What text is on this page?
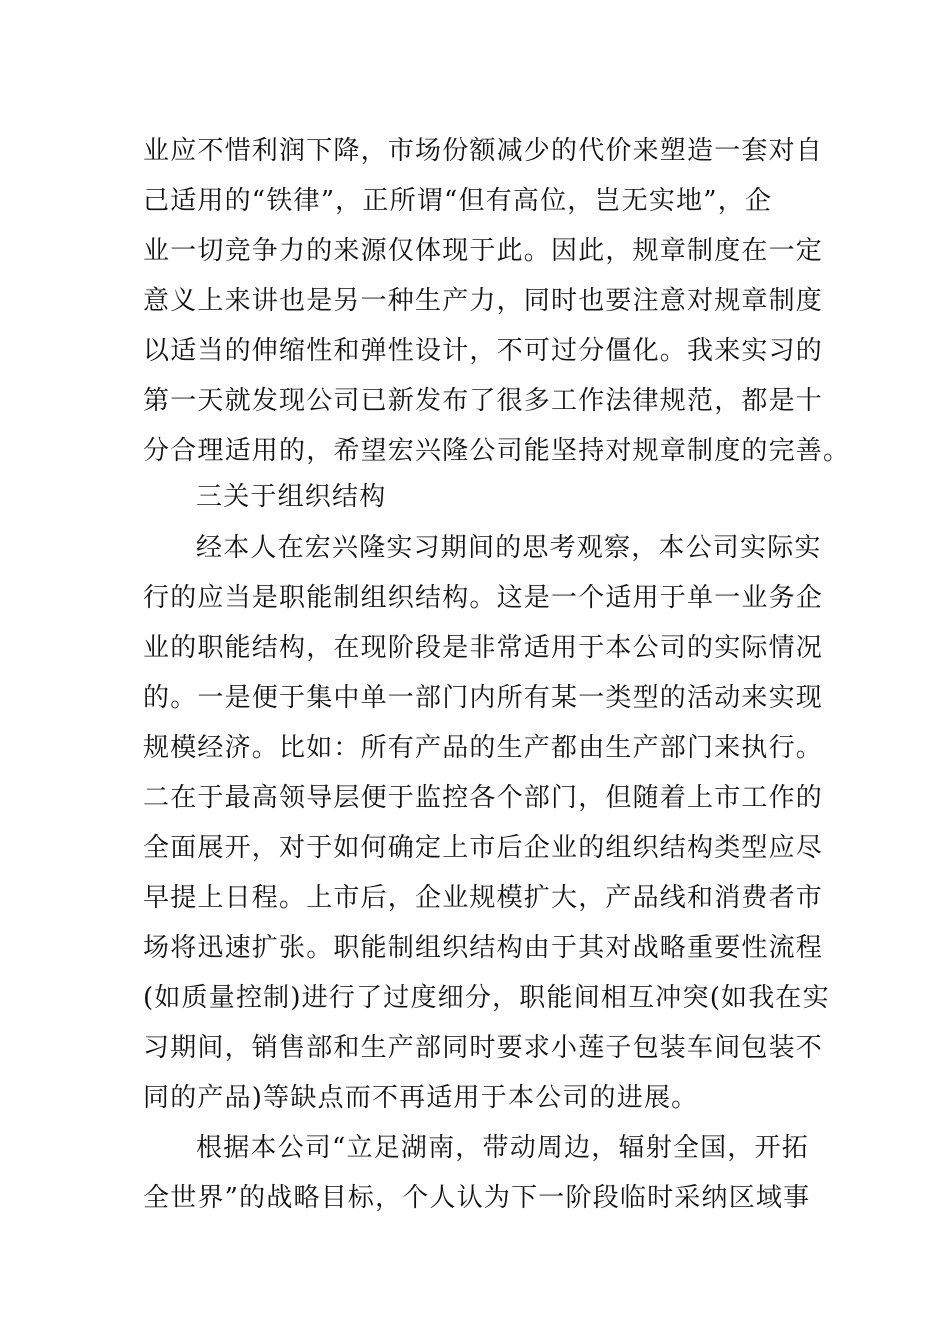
业应不惜利润下降，市场份额减少的代价来塑造一套对自
己适用的“铁律”，正所谓“但有高位，岂无实地”，企
业一切竞争力的来源仅体现于此。因此，规章制度在一定
意义上来讲也是另一种生产力，同时也要注意对规章制度
以适当的伸缩性和弹性设计，不可过分僵化。我来实习的
第一天就发现公司已新发布了很多工作法律规范，都是十
分合理适用的，希望宏兴隆公司能坚持对规章制度的完善。
三关于组织结构
经本人在宏兴隆实习期间的思考观察，本公司实际实
行的应当是职能制组织结构。这是一个适用于单一业务企
业的职能结构，在现阶段是非常适用于本公司的实际情况
的。一是便于集中单一部门内所有某一类型的活动来实现
规模经济。比如：所有产品的生产都由生产部门来执行。
二在于最高领导层便于监控各个部门，但随着上市工作的
全面展开，对于如何确定上市后企业的组织结构类型应尽
早提上日程。上市后，企业规模扩大，产品线和消费者市
场将迅速扩张。职能制组织结构由于其对战略重要性流程
(如质量控制)进行了过度细分，职能间相互冲突(如我在实
习期间，销售部和生产部同时要求小莲子包装车间包装不
同的产品)等缺点而不再适用于本公司的进展。
根据本公司“立足湖南，带动周边，辐射全国，开拓
全世界”的战略目标，个人认为下一阶段临时采纳区域事
